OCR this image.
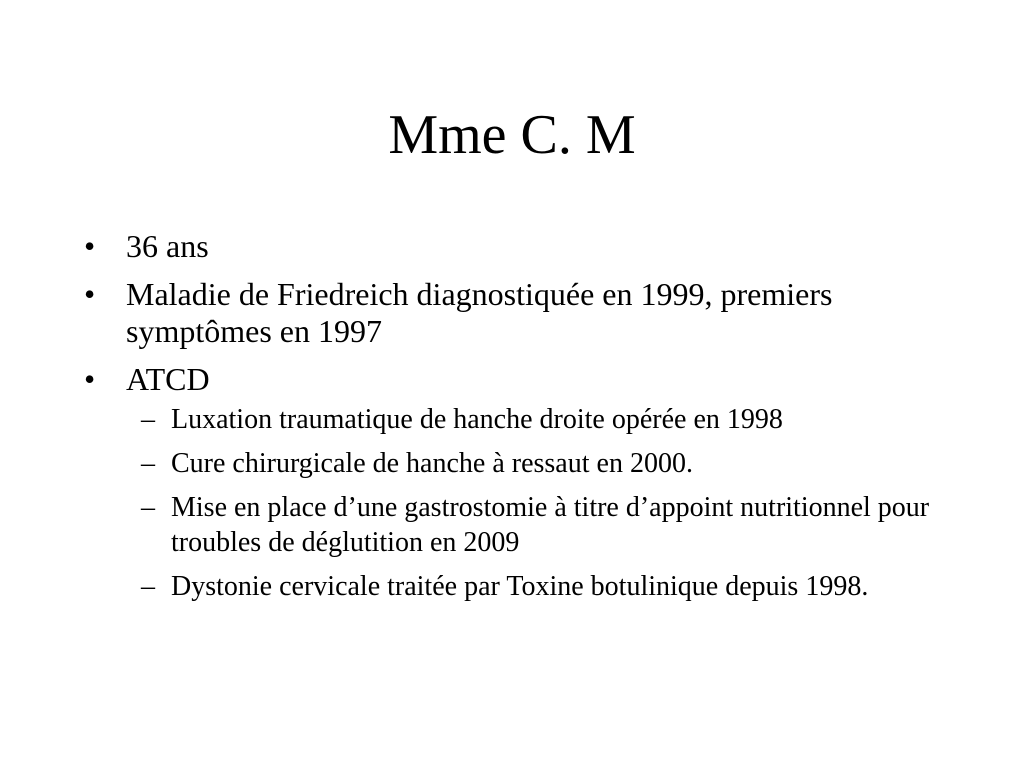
Mme C. M
• 36 ans
• Maladie de Friedreich diagnostiquée en 1999, premiers symptômes en 1997
• ATCD
– Luxation traumatique de hanche droite opérée en 1998
– Cure chirurgicale de hanche à ressaut en 2000.
– Mise en place d’une gastrostomie à titre d’appoint nutritionnel pour troubles de déglutition en 2009
– Dystonie cervicale traitée par Toxine botulinique depuis 1998.
